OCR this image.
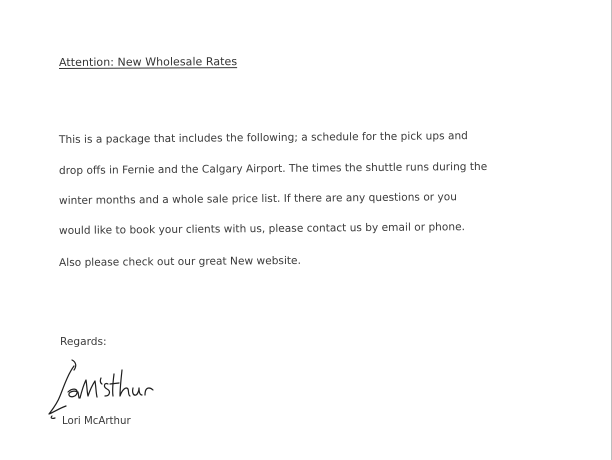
Attention: New Wholesale Rates
This is a package that includes the following; a schedule for the pick ups and
drop offs in Fernie and the Calgary Airport. The times the shuttle runs during the
winter months and a whole sale price list. If there are any questions or you
would like to book your clients with us, please contact us by email or phone.
Also please check out our great New website.
Regards:
Lori McArthur
